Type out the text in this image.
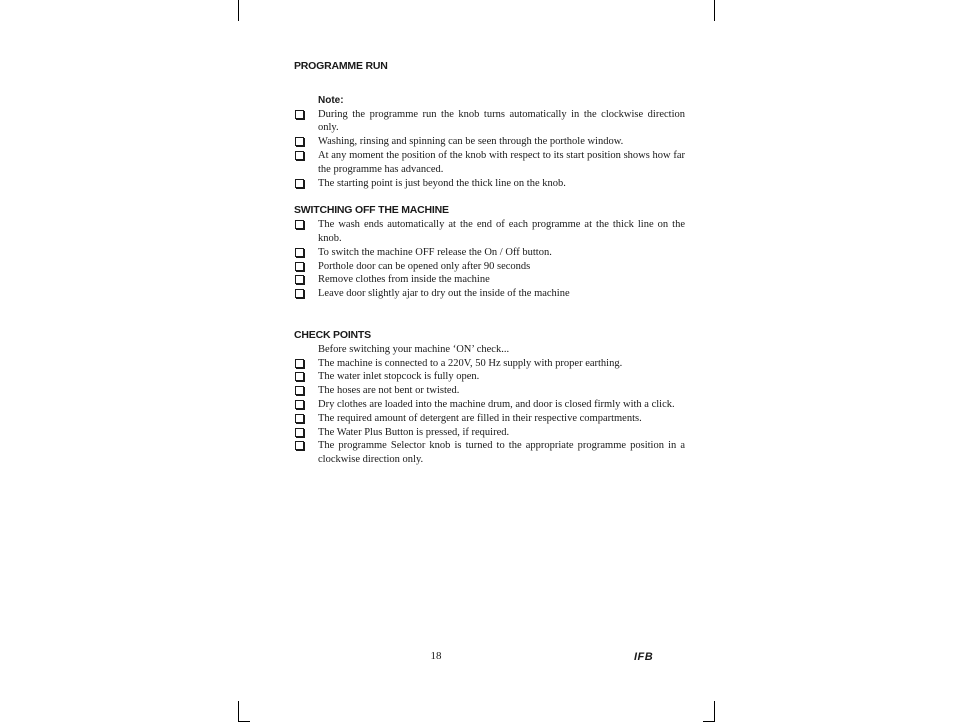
PROGRAMME RUN
Note:
During the programme run the knob turns automatically in the clockwise direction only.
Washing, rinsing and spinning can be seen through the porthole window.
At any moment the position of the knob with respect to its start position shows how far the programme has advanced.
The starting point is just beyond the thick line on the knob.
SWITCHING OFF THE MACHINE
The wash ends automatically at the end of each programme at the thick line on the knob.
To switch the machine OFF release the On / Off button.
Porthole door can be opened only after 90 seconds
Remove clothes from inside the machine
Leave door slightly ajar to dry out the inside of the machine
CHECK POINTS
Before switching your machine ‘ON’ check...
The machine is connected to a 220V, 50 Hz supply with proper earthing.
The water inlet stopcock is fully open.
The hoses are not bent or twisted.
Dry clothes are loaded into the machine drum, and door is closed firmly with a click.
The required amount of detergent are filled in their respective compartments.
The Water Plus Button is pressed, if required.
The programme Selector knob is turned to the appropriate programme position in a clockwise direction only.
18	IFB
